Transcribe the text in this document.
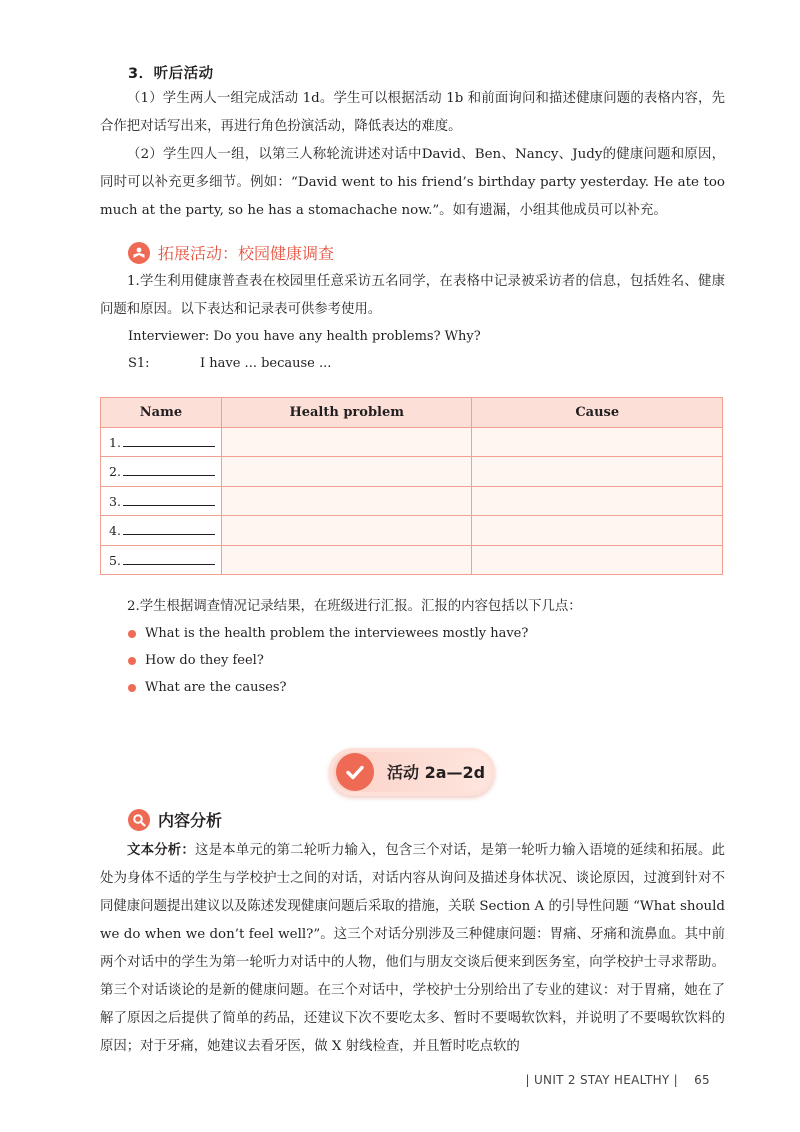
3．听后活动
（1）学生两人一组完成活动 1d。学生可以根据活动 1b 和前面询问和描述健康问题的表格内容，先合作把对话写出来，再进行角色扮演活动，降低表达的难度。
（2）学生四人一组，以第三人称轮流讲述对话中David、Ben、Nancy、Judy的健康问题和原因，同时可以补充更多细节。例如：“David went to his friend’s birthday party yesterday. He ate too much at the party, so he has a stomachache now.”。如有遗漏，小组其他成员可以补充。
拓展活动：校园健康调查
1.学生利用健康普查表在校园里任意采访五名同学，在表格中记录被采访者的信息，包括姓名、健康问题和原因。以下表达和记录表可供参考使用。
Interviewer: Do you have any health problems? Why?
S1:	I have ... because ...
Name	Health problem	Cause
1.		
2.		
3.		
4.		
5.		
2.学生根据调查情况记录结果，在班级进行汇报。汇报的内容包括以下几点：
What is the health problem the interviewees mostly have?
How do they feel?
What are the causes?
活动 2a—2d
内容分析
文本分析：这是本单元的第二轮听力输入，包含三个对话，是第一轮听力输入语境的延续和拓展。此处为身体不适的学生与学校护士之间的对话，对话内容从询问及描述身体状况、谈论原因，过渡到针对不同健康问题提出建议以及陈述发现健康问题后采取的措施，关联 Section A 的引导性问题 “What should we do when we don’t feel well?”。这三个对话分别涉及三种健康问题：胃痛、牙痛和流鼻血。其中前两个对话中的学生为第一轮听力对话中的人物，他们与朋友交谈后便来到医务室，向学校护士寻求帮助。第三个对话谈论的是新的健康问题。在三个对话中，学校护士分别给出了专业的建议：对于胃痛，她在了解了原因之后提供了简单的药品，还建议下次不要吃太多、暂时不要喝软饮料，并说明了不要喝软饮料的原因；对于牙痛，她建议去看牙医，做 X 射线检查，并且暂时吃点软的
| UNIT 2 STAY HEALTHY | 65
